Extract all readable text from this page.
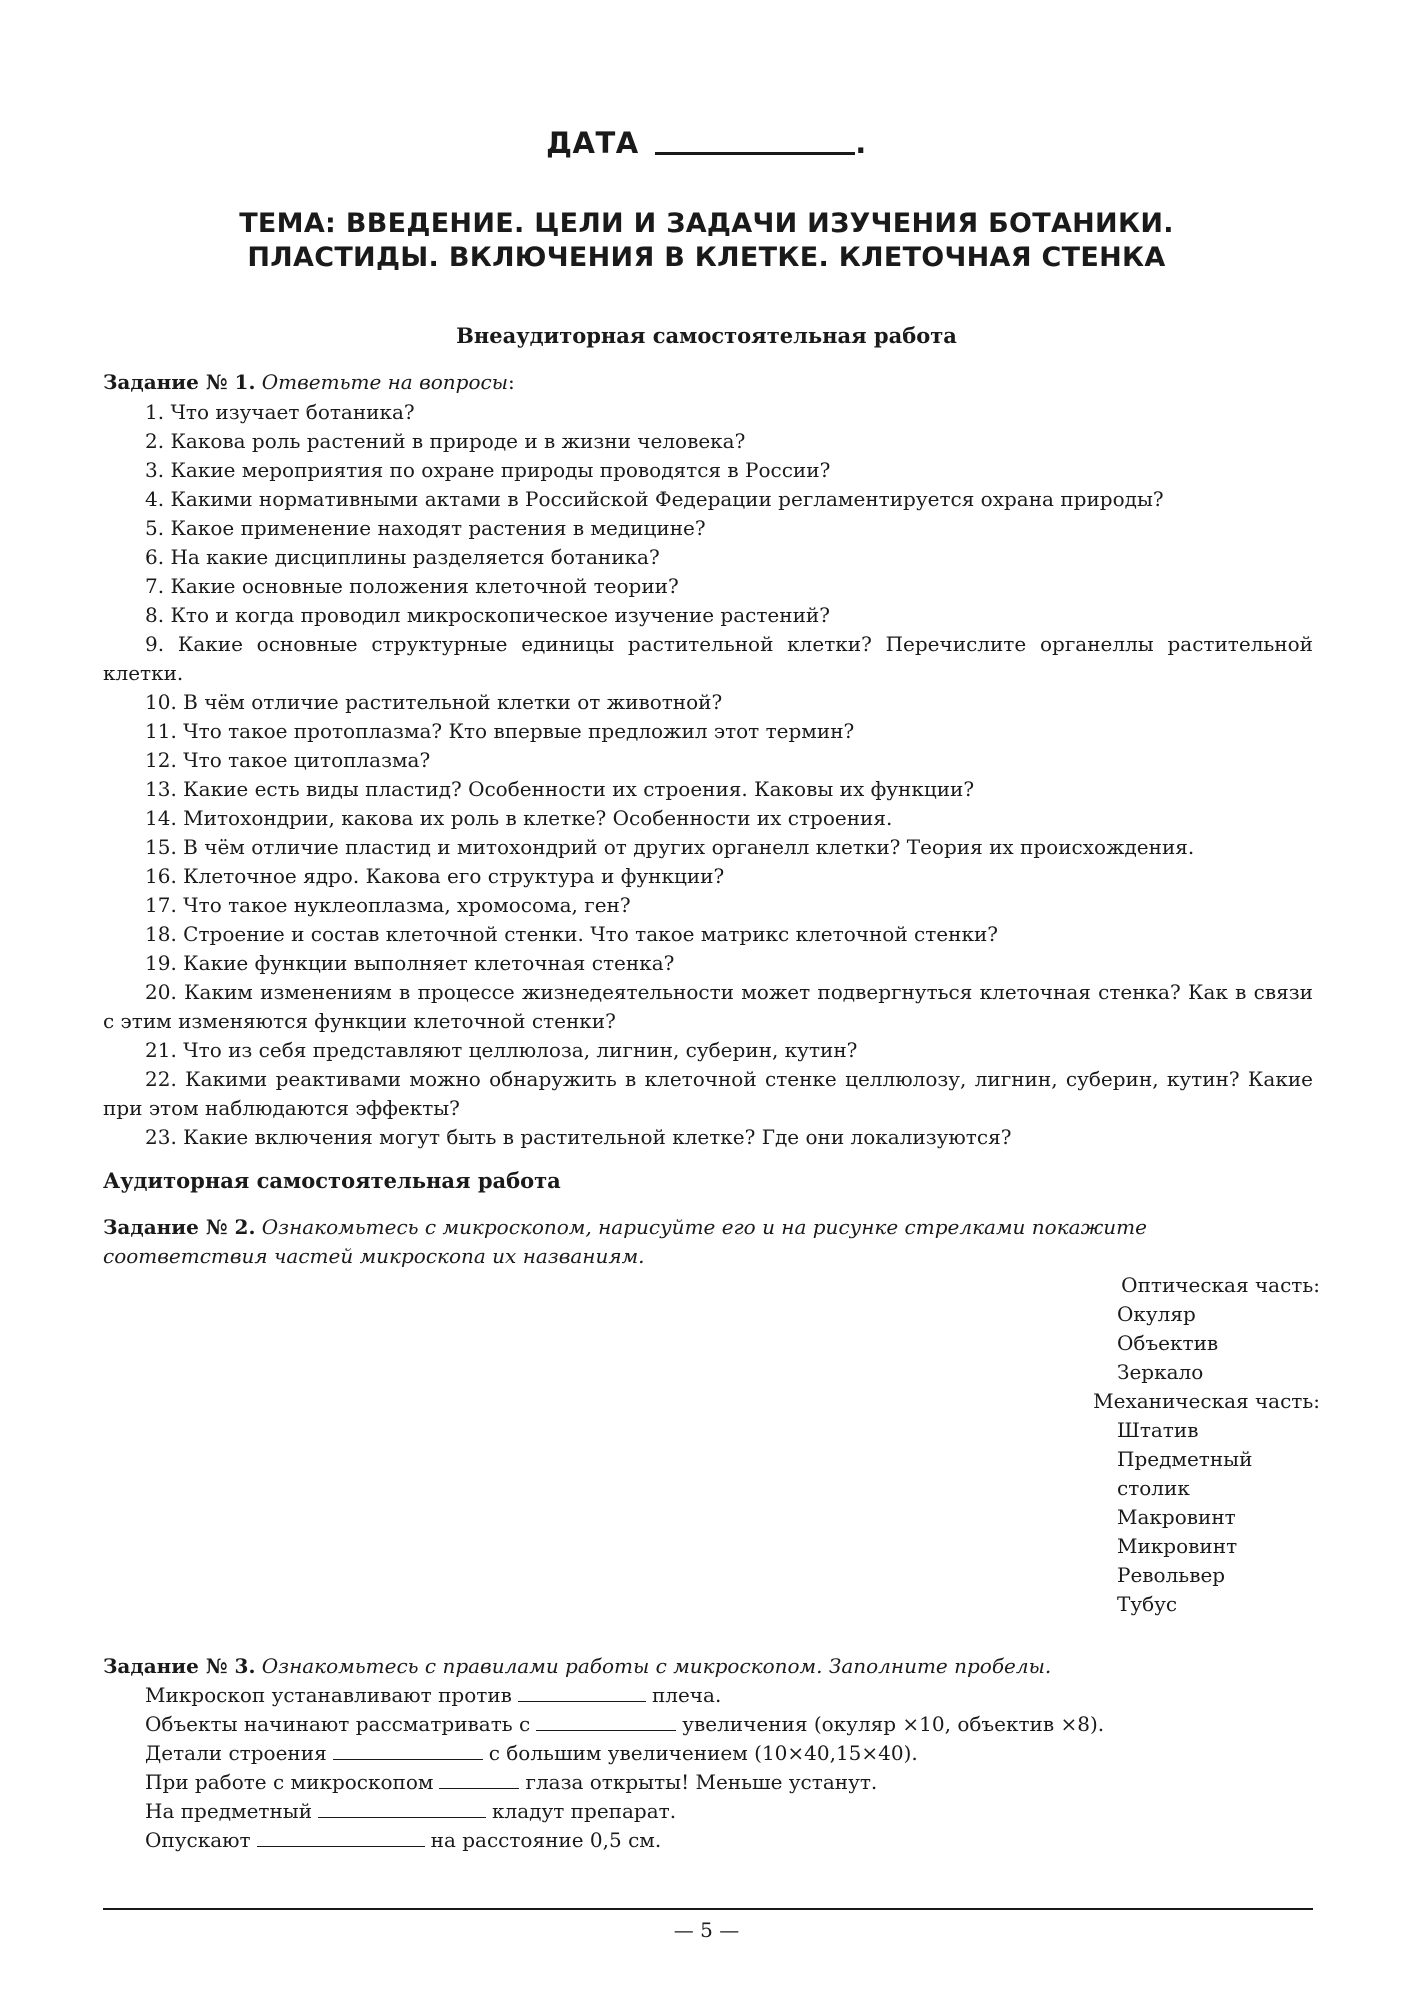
ДАТА	.
ТЕМА: ВВЕДЕНИЕ. ЦЕЛИ И ЗАДАЧИ ИЗУЧЕНИЯ БОТАНИКИ.
ПЛАСТИДЫ. ВКЛЮЧЕНИЯ В КЛЕТКЕ. КЛЕТОЧНАЯ СТЕНКА
Внеаудиторная самостоятельная работа
Задание № 1. Ответьте на вопросы:
1. Что изучает ботаника?
2. Какова роль растений в природе и в жизни человека?
3. Какие мероприятия по охране природы проводятся в России?
4. Какими нормативными актами в Российской Федерации регламентируется охрана природы?
5. Какое применение находят растения в медицине?
6. На какие дисциплины разделяется ботаника?
7. Какие основные положения клеточной теории?
8. Кто и когда проводил микроскопическое изучение растений?
9. Какие основные структурные единицы растительной клетки? Перечислите органеллы растительной клетки.
10. В чём отличие растительной клетки от животной?
11. Что такое протоплазма? Кто впервые предложил этот термин?
12. Что такое цитоплазма?
13. Какие есть виды пластид? Особенности их строения. Каковы их функции?
14. Митохондрии, какова их роль в клетке? Особенности их строения.
15. В чём отличие пластид и митохондрий от других органелл клетки? Теория их происхождения.
16. Клеточное ядро. Какова его структура и функции?
17. Что такое нуклеоплазма, хромосома, ген?
18. Строение и состав клеточной стенки. Что такое матрикс клеточной стенки?
19. Какие функции выполняет клеточная стенка?
20. Каким изменениям в процессе жизнедеятельности может подвергнуться клеточная стенка? Как в связи с этим изменяются функции клеточной стенки?
21. Что из себя представляют целлюлоза, лигнин, суберин, кутин?
22. Какими реактивами можно обнаружить в клеточной стенке целлюлозу, лигнин, суберин, кутин? Какие при этом наблюдаются эффекты?
23. Какие включения могут быть в растительной клетке? Где они локализуются?
Аудиторная самостоятельная работа
Задание № 2. Ознакомьтесь с микроскопом, нарисуйте его и на рисунке стрелками покажите соответствия частей микроскопа их названиям.
Оптическая часть:
Окуляр
Объектив
Зеркало
Механическая часть:
Штатив
Предметный
столик
Макровинт
Микровинт
Револьвер
Тубус
Задание № 3. Ознакомьтесь с правилами работы с микроскопом. Заполните пробелы.
Микроскоп устанавливают против	плеча.
Объекты начинают рассматривать с	увеличения (окуляр ×10, объектив ×8).
Детали строения	с большим увеличением (10×40,15×40).
При работе с микроскопом	глаза открыты! Меньше устанут.
На предметный	кладут препарат.
Опускают	на расстояние 0,5 см.
— 5 —
